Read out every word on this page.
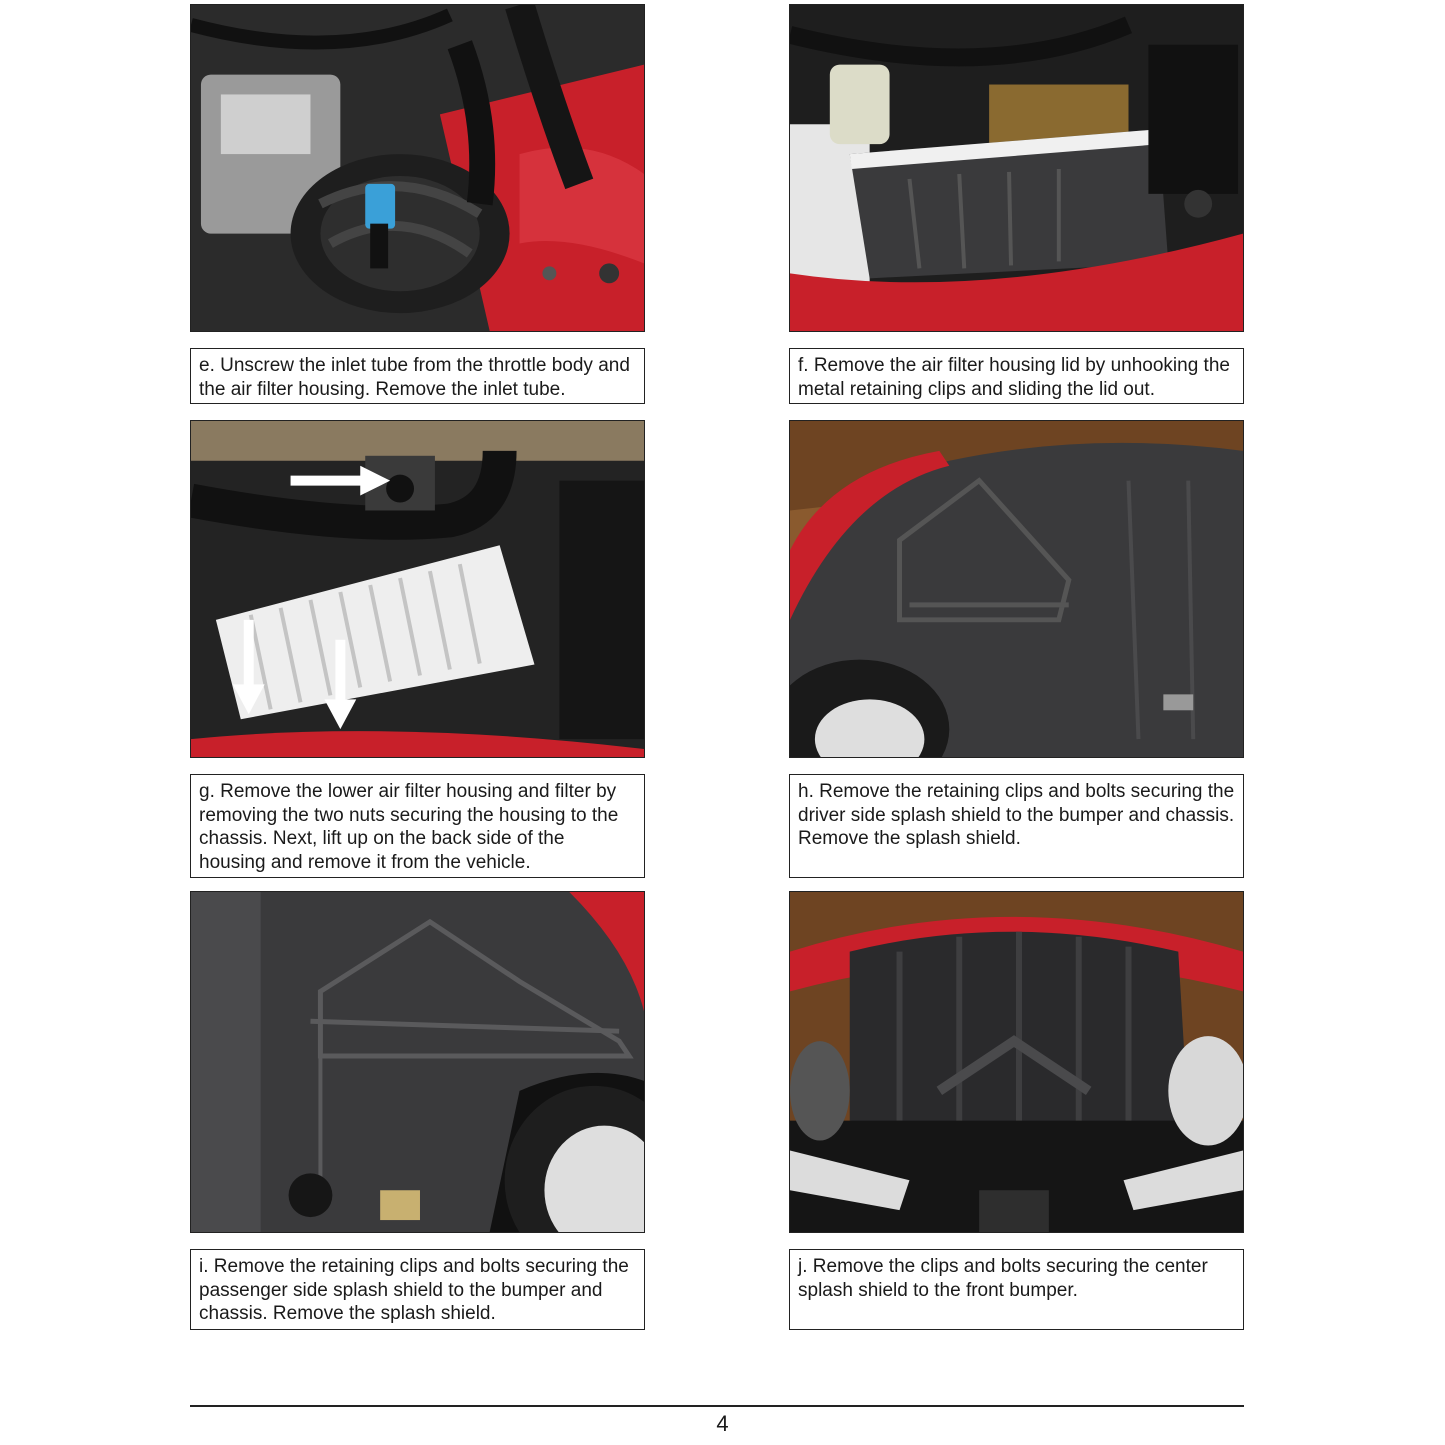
e. Unscrew the inlet tube from the throttle body and the air filter housing. Remove the inlet tube.
f. Remove the air filter housing lid by unhooking the metal retaining clips and sliding the lid out.
g. Remove the lower air filter housing and filter by removing the two nuts securing the housing to the chassis. Next, lift up on the back side of the housing and remove it from the vehicle.
h. Remove the retaining clips and bolts securing the driver side splash shield to the bumper and chassis. Remove the splash shield.
i. Remove the retaining clips and bolts securing the passenger side splash shield to the bumper and chassis. Remove the splash shield.
j. Remove the clips and bolts securing the center splash shield to the front bumper.
4
